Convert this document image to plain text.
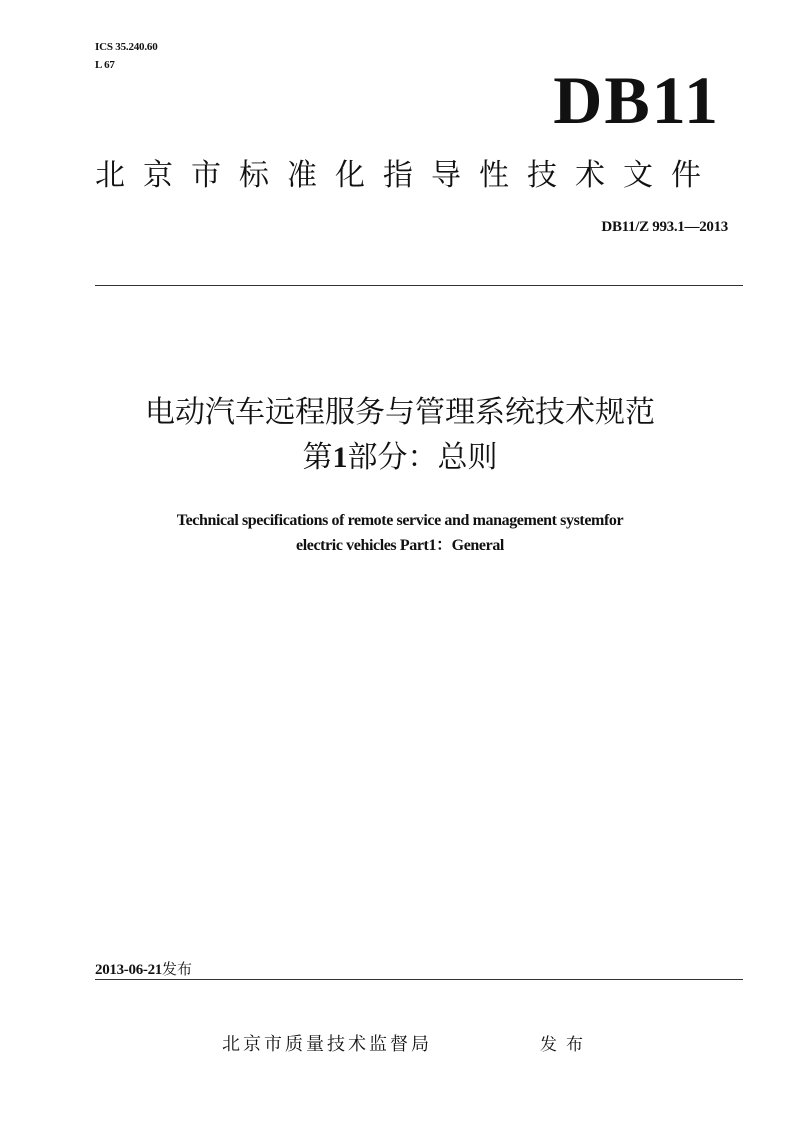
ICS 35.240.60
L 67	DB11
北京市标准化指导性技术文件
DB11/Z 993.1—2013
电动汽车远程服务与管理系统技术规范
第1部分：总则
Technical specifications of remote service and management systemfor
electric vehicles Part1：General
2013-06-21发布
北京市质量技术监督局	发布
